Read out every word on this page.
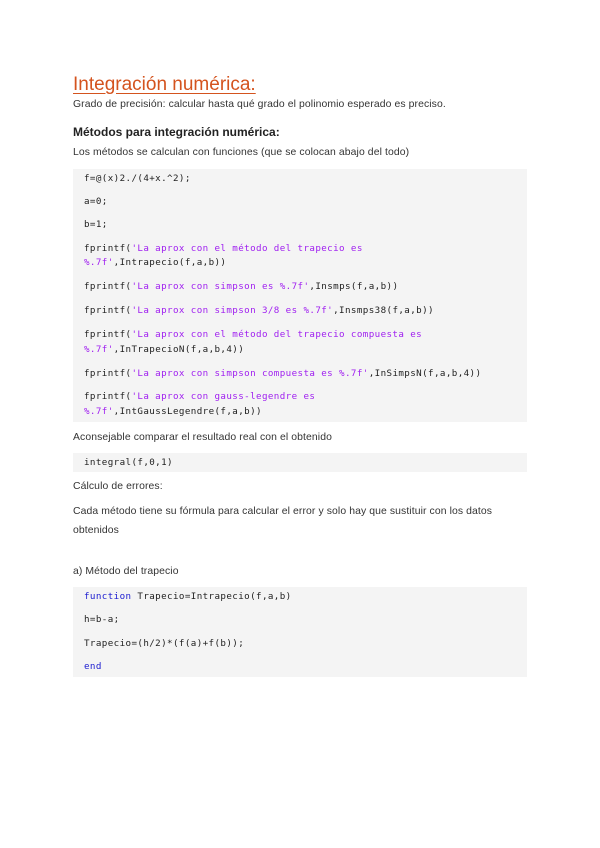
Integración numérica:

Grado de precisión: calcular hasta qué grado el polinomio esperado es preciso.

Métodos para integración numérica:

Los métodos se calculan con funciones (que se colocan abajo del todo)

f=@(x)2./(4+x.^2);
a=0;
b=1;
fprintf('La aprox con el método del trapecio es
%.7f',Intrapecio(f,a,b))
fprintf('La aprox con simpson es %.7f',Insmps(f,a,b))
fprintf('La aprox con simpson 3/8 es %.7f',Insmps38(f,a,b))
fprintf('La aprox con el método del trapecio compuesta es
%.7f',InTrapecioN(f,a,b,4))
fprintf('La aprox con simpson compuesta es %.7f',InSimpsN(f,a,b,4))
fprintf('La aprox con gauss-legendre es
%.7f',IntGaussLegendre(f,a,b))

Aconsejable comparar el resultado real con el obtenido

integral(f,0,1)

Cálculo de errores:

Cada método tiene su fórmula para calcular el error y solo hay que sustituir con los datos

obtenidos

a) Método del trapecio

function Trapecio=Intrapecio(f,a,b)
h=b-a;
Trapecio=(h/2)*(f(a)+f(b));
end
